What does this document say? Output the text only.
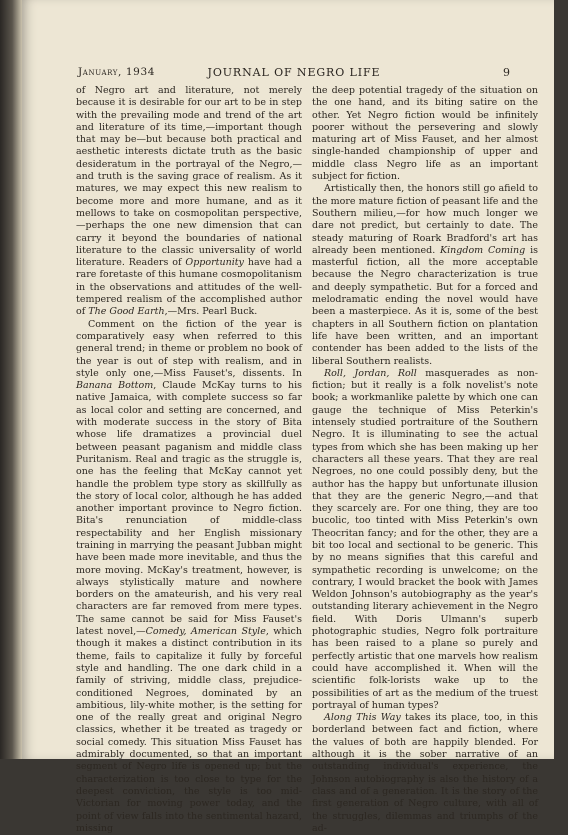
January, 1934	JOURNAL OF NEGRO LIFE	9

of Negro art and literature, not merely because it is desirable for our art to be in step with the prevailing mode and trend of the art and literature of its time,—important though that may be—but because both practical and aesthetic interests dictate truth as the basic desideratum in the portrayal of the Negro,—and truth is the saving grace of realism. As it matures, we may expect this new realism to become more and more humane, and as it mellows to take on cosmopolitan perspective,—perhaps the one new dimension that can carry it beyond the boundaries of national literature to the classic universality of world literature. Readers of Opportunity have had a rare foretaste of this humane cosmopolitanism in the observations and attitudes of the well-tempered realism of the accomplished author of The Good Earth,—Mrs. Pearl Buck.

Comment on the fiction of the year is comparatively easy when referred to this general trend; in theme or problem no book of the year is out of step with realism, and in style only one,—Miss Fauset's, dissents. In Banana Bottom, Claude McKay turns to his native Jamaica, with complete success so far as local color and setting are concerned, and with moderate success in the story of Bita whose life dramatizes a provincial duel between peasant paganism and middle class Puritanism. Real and tragic as the struggle is, one has the feeling that McKay cannot yet handle the problem type story as skillfully as the story of local color, although he has added another important province to Negro fiction. Bita's renunciation of middle-class respectability and her English missionary training in marrying the peasant Jubban might have been made more inevitable, and thus the more moving. McKay's treatment, however, is always stylistically mature and nowhere borders on the amateurish, and his very real characters are far removed from mere types. The same cannot be said for Miss Fauset's latest novel,—Comedy, American Style, which though it makes a distinct contribution in its theme, fails to capitalize it fully by forceful style and handling. The one dark child in a family of striving, middle class, prejudice-conditioned Negroes, dominated by an ambitious, lily-white mother, is the setting for one of the really great and original Negro classics, whether it be treated as tragedy or social comedy. This situation Miss Fauset has admirably documented, so that an important segment of Negro life is opened up; but the characterization is too close to type for the deepest conviction, the style is too mid-Victorian for moving power today, and the point of view falls into the sentimental hazard, missing

the deep potential tragedy of the situation on the one hand, and its biting satire on the other. Yet Negro fiction would be infinitely poorer without the persevering and slowly maturing art of Miss Fauset, and her almost single-handed championship of upper and middle class Negro life as an important subject for fiction.

Artistically then, the honors still go afield to the more mature fiction of peasant life and the Southern milieu,—for how much longer we dare not predict, but certainly to date. The steady maturing of Roark Bradford's art has already been mentioned. Kingdom Coming is masterful fiction, all the more acceptable because the Negro characterization is true and deeply sympathetic. But for a forced and melodramatic ending the novel would have been a masterpiece. As it is, some of the best chapters in all Southern fiction on plantation life have been written, and an important contender has been added to the lists of the liberal Southern realists.

Roll, Jordan, Roll masquerades as non-fiction; but it really is a folk novelist's note book; a workmanlike palette by which one can gauge the technique of Miss Peterkin's intensely studied portraiture of the Southern Negro. It is illuminating to see the actual types from which she has been making up her characters all these years. That they are real Negroes, no one could possibly deny, but the author has the happy but unfortunate illusion that they are the generic Negro,—and that they scarcely are. For one thing, they are too bucolic, too tinted with Miss Peterkin's own Theocritan fancy; and for the other, they are a bit too local and sectional to be generic. This by no means signifies that this careful and sympathetic recording is unwelcome; on the contrary, I would bracket the book with James Weldon Johnson's autobiography as the year's outstanding literary achievement in the Negro field. With Doris Ulmann's superb photographic studies, Negro folk portraiture has been raised to a plane so purely and perfectly artistic that one marvels how realism could have accomplished it. When will the scientific folk-lorists wake up to the possibilities of art as the medium of the truest portrayal of human types?

Along This Way takes its place, too, in this borderland between fact and fiction, where the values of both are happily blended. For although it is the sober narrative of an outstanding individual's experience, the Johnson autobiography is also the history of a class and of a generation. It is the story of the first generation of Negro culture, with all of the struggles, dilemmas and triumphs of the ad-
